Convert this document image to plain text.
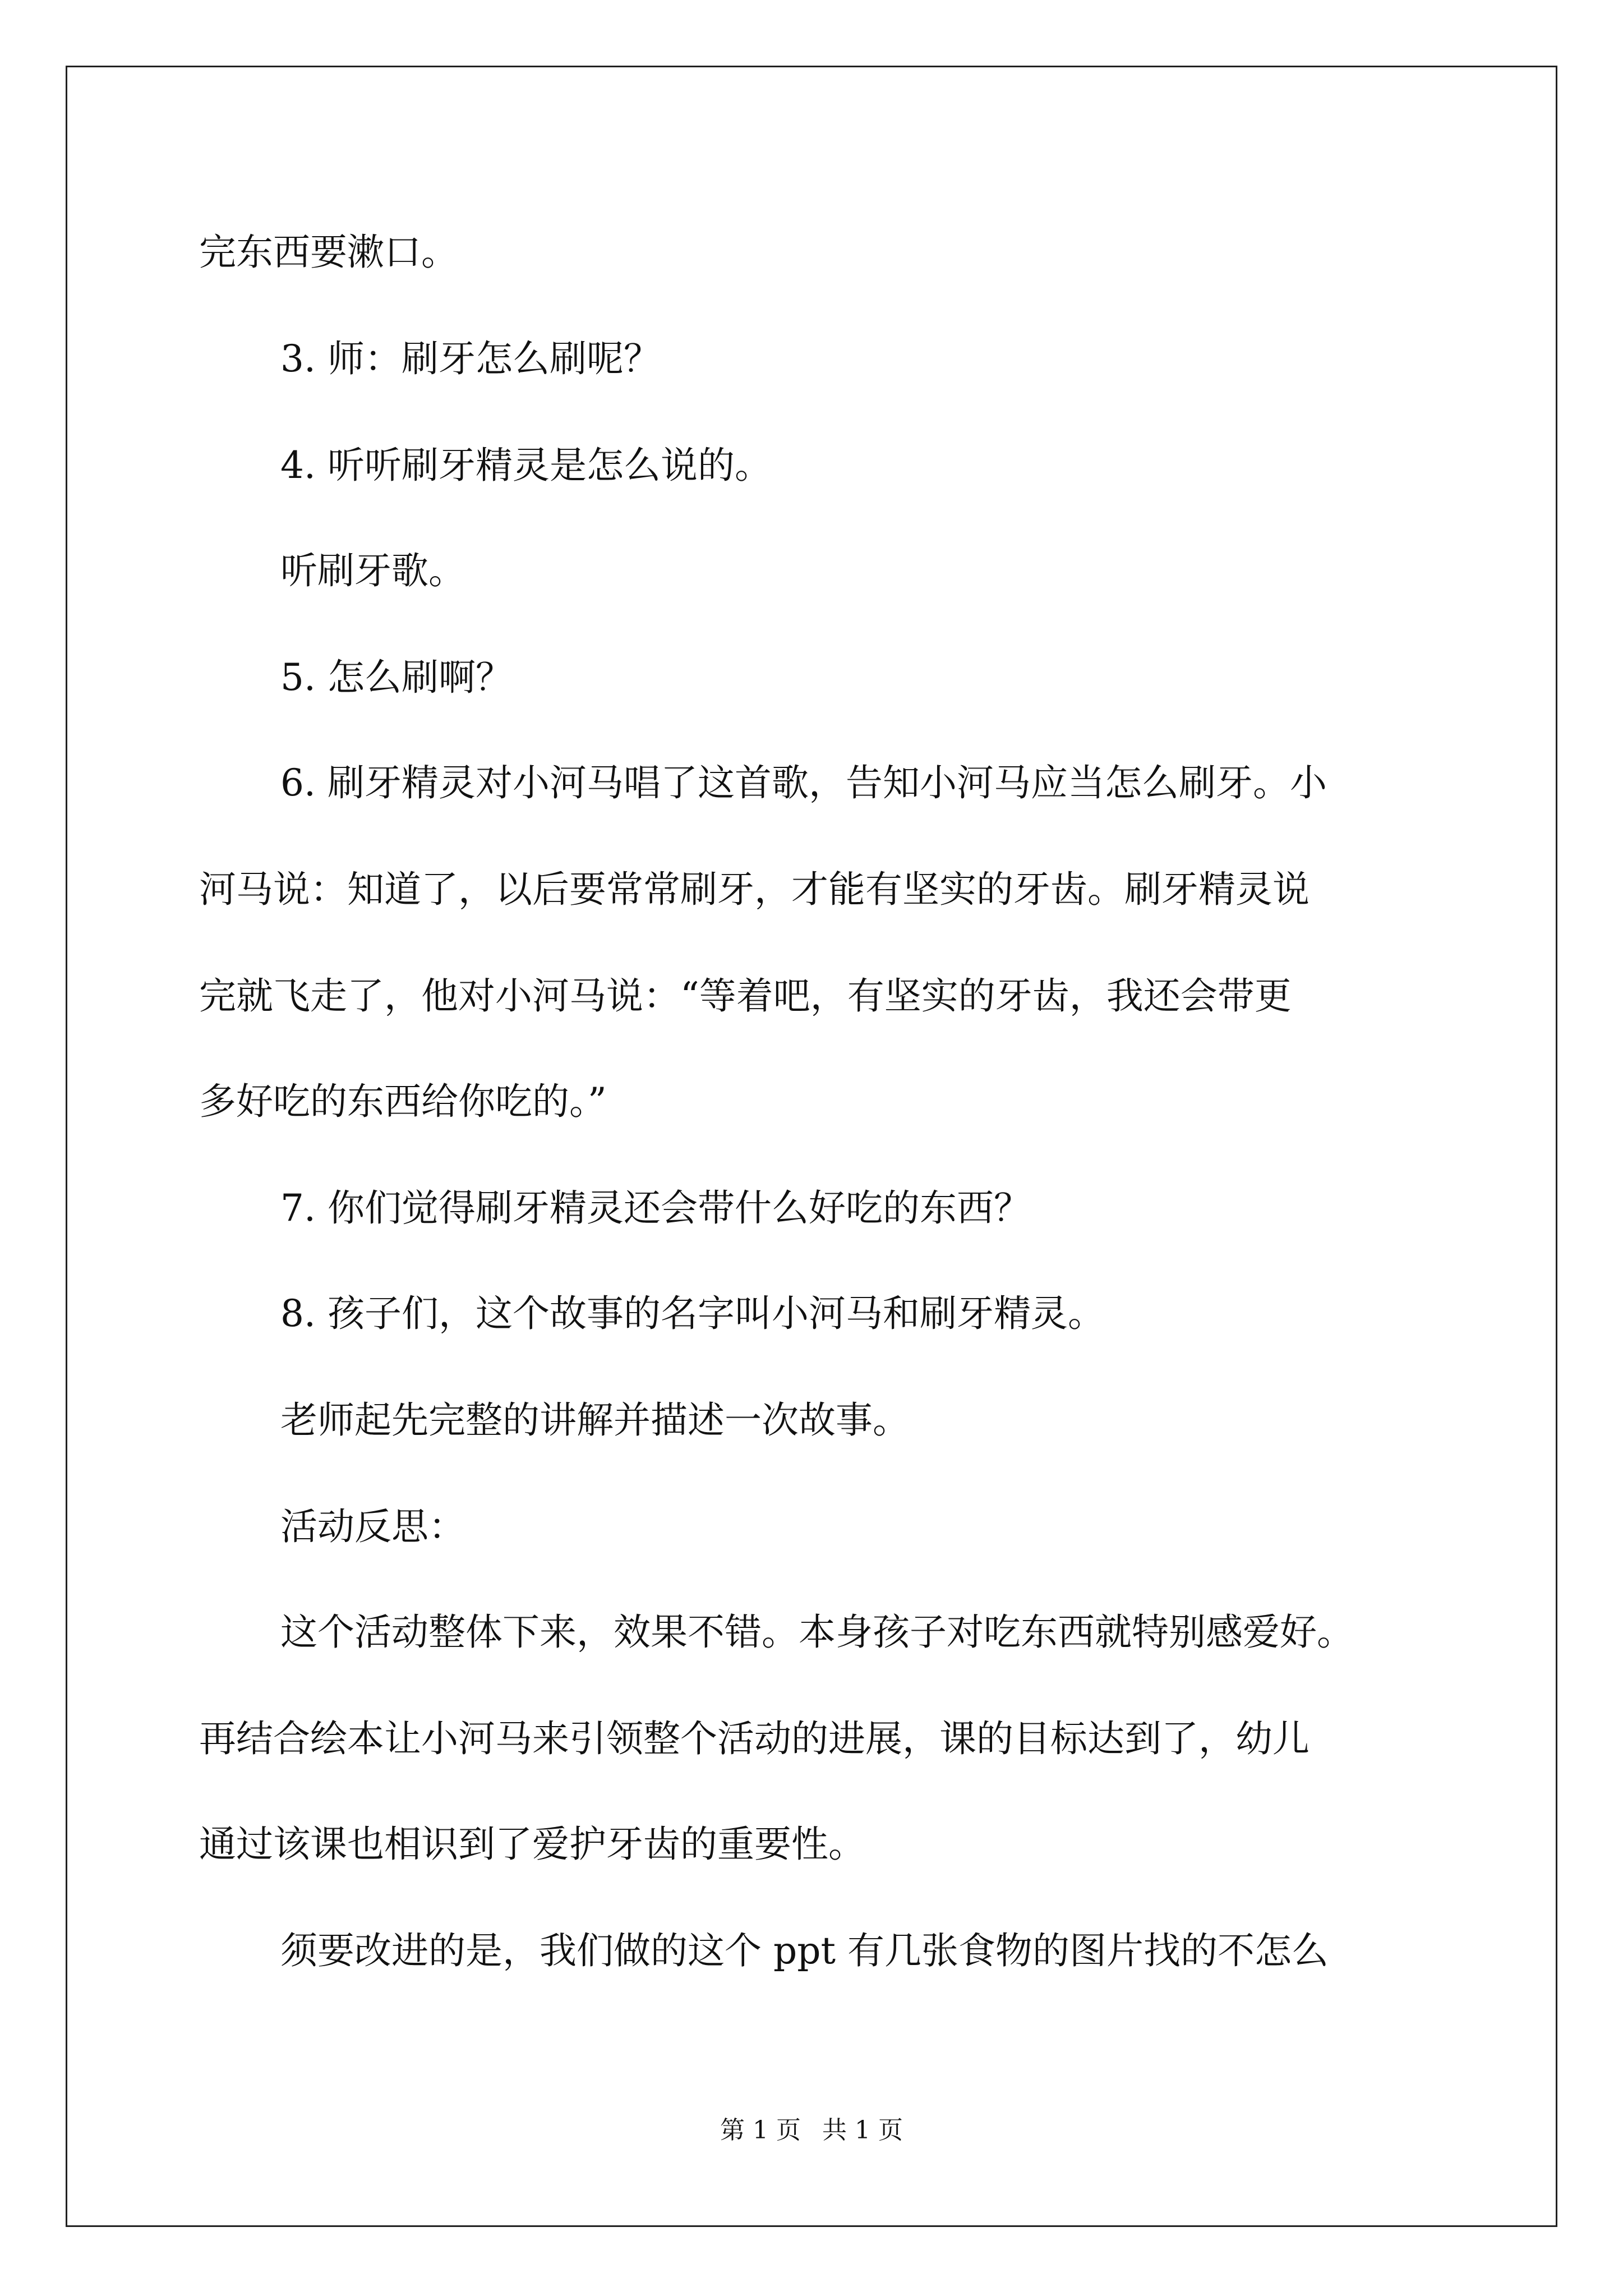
完东西要漱口。
3. 师：刷牙怎么刷呢？
4. 听听刷牙精灵是怎么说的。
听刷牙歌。
5. 怎么刷啊？
6. 刷牙精灵对小河马唱了这首歌，告知小河马应当怎么刷牙。小
河马说：知道了，以后要常常刷牙，才能有坚实的牙齿。刷牙精灵说
完就飞走了，他对小河马说：“等着吧，有坚实的牙齿，我还会带更
多好吃的东西给你吃的。”
7. 你们觉得刷牙精灵还会带什么好吃的东西？
8. 孩子们，这个故事的名字叫小河马和刷牙精灵。
老师起先完整的讲解并描述一次故事。
活动反思：
这个活动整体下来，效果不错。本身孩子对吃东西就特别感爱好。
再结合绘本让小河马来引领整个活动的进展，课的目标达到了，幼儿
通过该课也相识到了爱护牙齿的重要性。
须要改进的是，我们做的这个 ppt 有几张食物的图片找的不怎么
第 1 页 共 1 页
